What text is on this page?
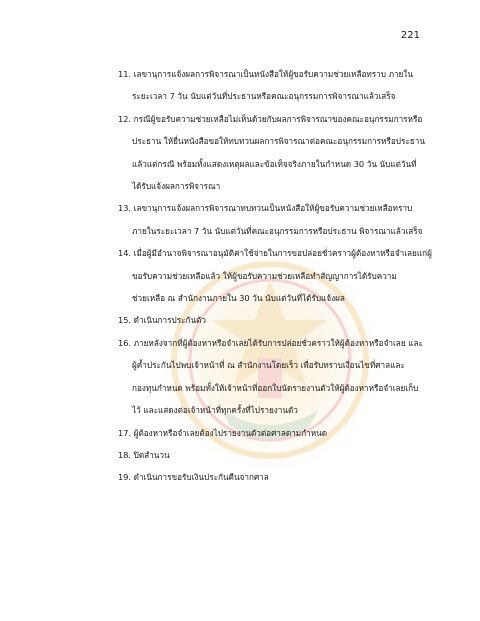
221
11. เลขานุการแจ้งผลการพิจารณาเป็นหนังสือให้ผู้ขอรับความช่วยเหลือทราบ ภายใน
ระยะเวลา 7 วัน นับแต่วันที่ประธานหรือคณะอนุกรรมการพิจารณาแล้วเสร็จ
12. กรณีผู้ขอรับความช่วยเหลือไม่เห็นด้วยกับผลการพิจารณาของคณะอนุกรรมการหรือ
ประธาน ให้ยื่นหนังสือขอให้ทบทวนผลการพิจารณาต่อคณะอนุกรรมการหรือประธาน
แล้วแต่กรณี พร้อมทั้งแสดงเหตุผลและข้อเท็จจริงภายในกำหนด 30 วัน นับแต่วันที่
ได้รับแจ้งผลการพิจารณา
13. เลขานุการแจ้งผลการพิจารณาทบทวนเป็นหนังสือให้ผู้ขอรับความช่วยเหลือทราบ
ภายในระยะเวลา 7 วัน นับแต่วันที่คณะอนุกรรมการหรือประธาน พิจารณาแล้วเสร็จ
14. เมื่อผู้มีอำนาจพิจารณาอนุมัติค่าใช้จ่ายในการขอปล่อยชั่วคราวผู้ต้องหาหรือจำเลยแก่ผู้
ขอรับความช่วยเหลือแล้ว ให้ผู้ขอรับความช่วยเหลือทำสัญญาการได้รับความ
ช่วยเหลือ ณ สำนักงานภายใน 30 วัน นับแต่วันที่ได้รับแจ้งผล
15. ดำเนินการประกันตัว
16. ภายหลังจากที่ผู้ต้องหาหรือจำเลยได้รับการปล่อยชั่วคราวให้ผู้ต้องหาหรือจำเลย และ
ผู้ค้ำประกันไปพบเจ้าหน้าที่ ณ สำนักงานโดยเร็ว เพื่อรับทราบเงื่อนไขที่ศาลและ
กองทุนกำหนด พร้อมทั้งให้เจ้าหน้าที่ออกใบนัดรายงานตัวให้ผู้ต้องหาหรือจำเลยเก็บ
ไว้ และแสดงต่อเจ้าหน้าที่ทุกครั้งที่ไปรายงานตัว
17. ผู้ต้องหาหรือจำเลยต้องไปรายงานตัวต่อศาลตามกำหนด
18. ปิดสำนวน
19. ดำเนินการขอรับเงินประกันคืนจากศาล
